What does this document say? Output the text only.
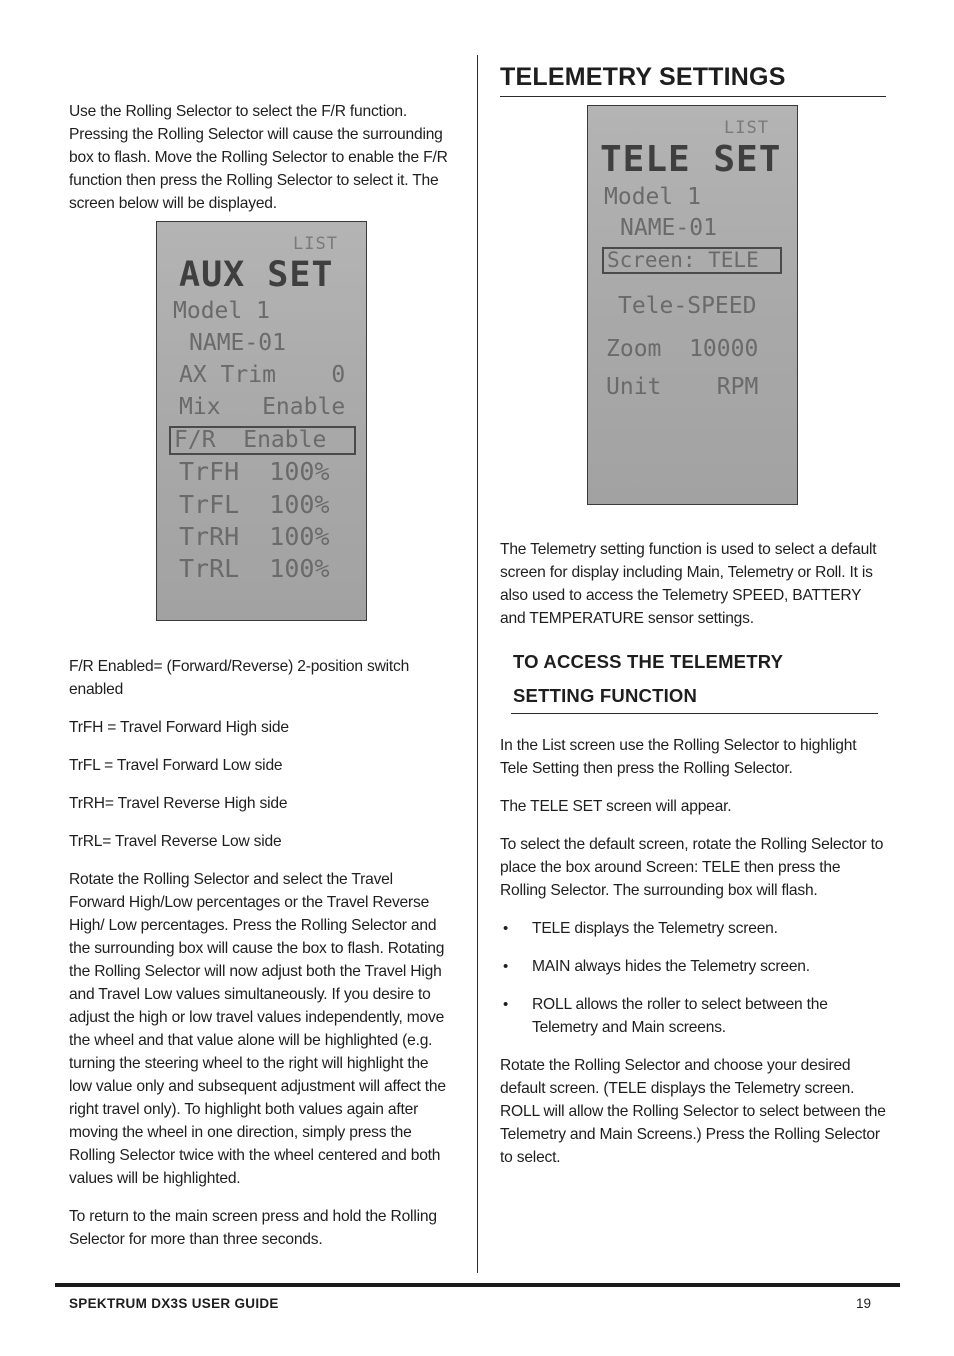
Use the Rolling Selector to select the F/R function. Pressing the Rolling Selector will cause the surrounding box to flash. Move the Rolling Selector to enable the F/R function then press the Rolling Selector to select it. The screen below will be displayed.

LIST
AUX SET
Model 1
NAME-01
AX Trim    0
Mix   Enable
F/R  Enable
TrFH  100%
TrFL  100%
TrRH  100%
TrRL  100%

F/R Enabled= (Forward/Reverse) 2-position switch enabled

TrFH = Travel Forward High side

TrFL = Travel Forward Low side

TrRH= Travel Reverse High side

TrRL= Travel Reverse Low side

Rotate the Rolling Selector and select the Travel Forward High/Low percentages or the Travel Reverse High/ Low percentages. Press the Rolling Selector and the surrounding box will cause the box to flash. Rotating the Rolling Selector will now adjust both the Travel High and Travel Low values simultaneously. If you desire to adjust the high or low travel values independently, move the wheel and that value alone will be highlighted (e.g. turning the steering wheel to the right will highlight the low value only and subsequent adjustment will affect the right travel only). To highlight both values again after moving the wheel in one direction, simply press the Rolling Selector twice with the wheel centered and both values will be highlighted.

To return to the main screen press and hold the Rolling Selector for more than three seconds.

TELEMETRY SETTINGS
LIST
TELE SET
Model 1
NAME-01
Screen: TELE
Tele-SPEED
Zoom  10000
Unit    RPM

The Telemetry setting function is used to select a default screen for display including Main, Telemetry or Roll. It is also used to access the Telemetry SPEED, BATTERY and TEMPERATURE sensor settings.

TO ACCESS THE TELEMETRY
SETTING FUNCTION

In the List screen use the Rolling Selector to highlight Tele Setting then press the Rolling Selector.

The TELE SET screen will appear.

To select the default screen, rotate the Rolling Selector to place the box around Screen: TELE then press the Rolling Selector. The surrounding box will flash.

•	TELE displays the Telemetry screen.

•	MAIN always hides the Telemetry screen.

•	ROLL allows the roller to select between the Telemetry and Main screens.

Rotate the Rolling Selector and choose your desired default screen. (TELE displays the Telemetry screen. ROLL will allow the Rolling Selector to select between the Telemetry and Main Screens.) Press the Rolling Selector to select.

SPEKTRUM DX3S USER GUIDE	19
